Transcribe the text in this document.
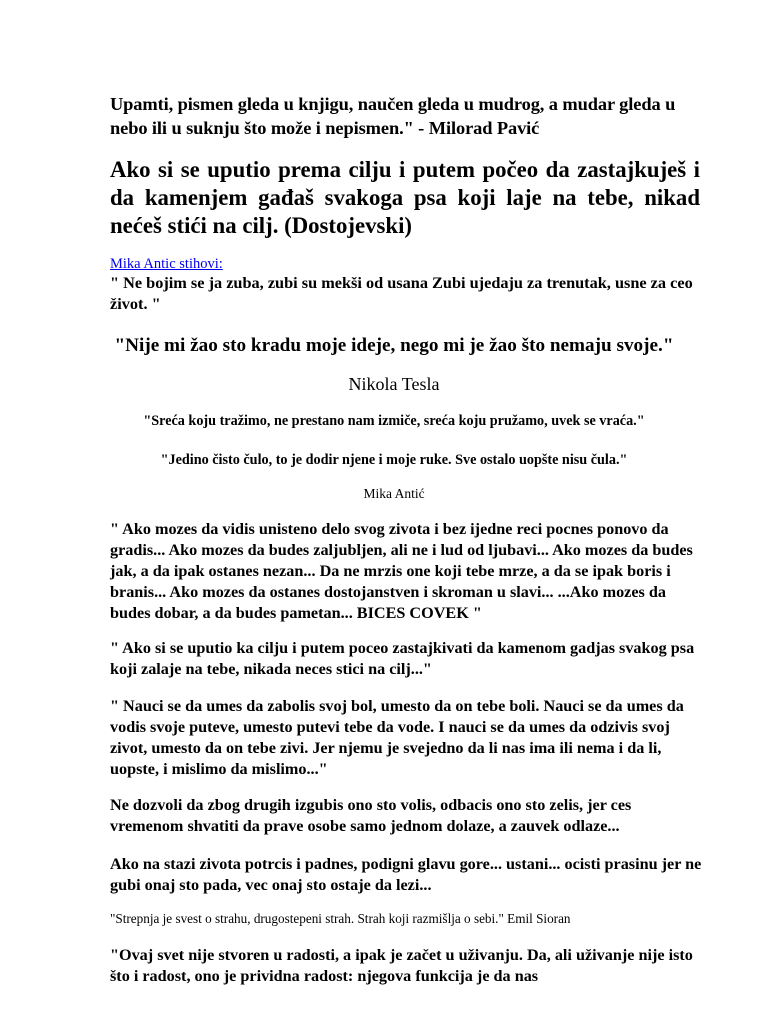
Upamti, pismen gleda u knjigu, naučen gleda u mudrog, a mudar gleda u nebo ili u suknju što može i nepismen." - Milorad Pavić

Ako si se uputio prema cilju i putem počeo da zastajkuješ i da kamenjem gađaš svakoga psa koji laje na tebe, nikad nećeš stići na cilj. (Dostojevski)

Mika Antic stihovi:

" Ne bojim se ja zuba, zubi su mekši od usana Zubi ujedaju za trenutak, usne za ceo život. "

"Nije mi žao sto kradu moje ideje, nego mi je žao što nemaju svoje."

Nikola Tesla

"Sreća koju tražimo, ne prestano nam izmiče, sreća koju pružamo, uvek se vraća."

"Jedino čisto čulo, to je dodir njene i moje ruke. Sve ostalo uopšte nisu čula."

Mika Antić

" Ako mozes da vidis unisteno delo svog zivota i bez ijedne reci pocnes ponovo da gradis... Ako mozes da budes zaljubljen, ali ne i lud od ljubavi... Ako mozes da budes jak, a da ipak ostanes nezan... Da ne mrzis one koji tebe mrze, a da se ipak boris i branis... Ako mozes da ostanes dostojanstven i skroman u slavi... ...Ako mozes da budes dobar, a da budes pametan... BICES COVEK "

" Ako si se uputio ka cilju i putem poceo zastajkivati da kamenom gadjas svakog psa koji zalaje na tebe, nikada neces stici na cilj..."

" Nauci se da umes da zabolis svoj bol, umesto da on tebe boli. Nauci se da umes da vodis svoje puteve, umesto putevi tebe da vode. I nauci se da umes da odzivis svoj zivot, umesto da on tebe zivi. Jer njemu je svejedno da li nas ima ili nema i da li, uopste, i mislimo da mislimo..."

Ne dozvoli da zbog drugih izgubis ono sto volis, odbacis ono sto zelis, jer ces vremenom shvatiti da prave osobe samo jednom dolaze, a zauvek odlaze...

Ako na stazi zivota potrcis i padnes, podigni glavu gore... ustani... ocisti prasinu jer ne gubi onaj sto pada, vec onaj sto ostaje da lezi...

"Strepnja je svest o strahu, drugostepeni strah. Strah koji razmišlja o sebi." Emil Sioran

"Ovaj svet nije stvoren u radosti, a ipak je začet u uživanju. Da, ali uživanje nije isto što i radost, ono je prividna radost: njegova funkcija je da nas
